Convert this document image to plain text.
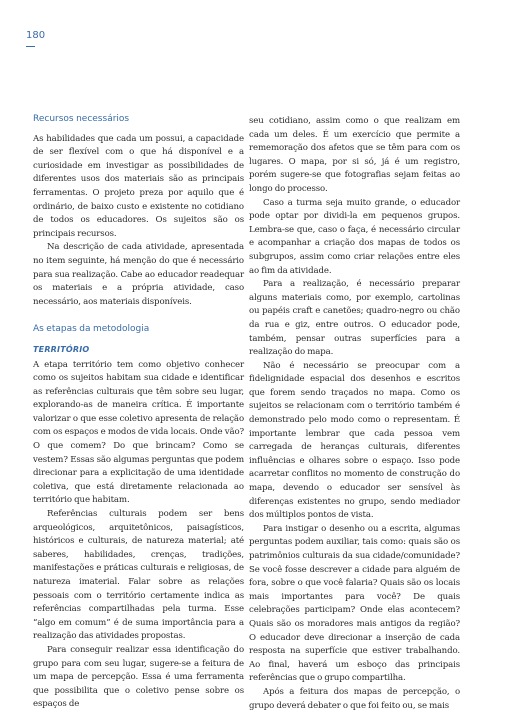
180
Recursos necessários

As habilidades que cada um possui, a capacidade de ser flexível com o que há disponível e a curiosidade em investigar as possibilidades de diferentes usos dos materiais são as principais ferramentas. O projeto preza por aquilo que é ordinário, de baixo custo e existente no cotidiano de todos os educadores. Os sujeitos são os principais recursos.

Na descrição de cada atividade, apresentada no item seguinte, há menção do que é necessário para sua realização. Cabe ao educador readequar os materiais e a própria atividade, caso necessário, aos materiais disponíveis.

As etapas da metodologia
TERRITÓRIO

A etapa território tem como objetivo conhecer como os sujeitos habitam sua cidade e identificar as referências culturais que têm sobre seu lugar, explorando-as de maneira crítica. É importante valorizar o que esse coletivo apresenta de relação com os espaços e modos de vida locais. Onde vão? O que comem? Do que brincam? Como se vestem? Essas são algumas perguntas que podem direcionar para a explicitação de uma identidade coletiva, que está diretamente relacionada ao território que habitam.

Referências culturais podem ser bens arqueológicos, arquitetônicos, paisagísticos, históricos e culturais, de natureza material; até saberes, habilidades, crenças, tradições, manifestações e práticas culturais e religiosas, de natureza imaterial. Falar sobre as relações pessoais com o território certamente indica as referências compartilhadas pela turma. Esse “algo em comum” é de suma importância para a realização das atividades propostas.

Para conseguir realizar essa identificação do grupo para com seu lugar, sugere-se a feitura de um mapa de percepção. Essa é uma ferramenta que possibilita que o coletivo pense sobre os espaços de

seu cotidiano, assim como o que realizam em cada um deles. É um exercício que permite a rememoração dos afetos que se têm para com os lugares. O mapa, por si só, já é um registro, porém sugere-se que fotografias sejam feitas ao longo do processo.

Caso a turma seja muito grande, o educador pode optar por dividi-la em pequenos grupos. Lembra-se que, caso o faça, é necessário circular e acompanhar a criação dos mapas de todos os subgrupos, assim como criar relações entre eles ao fim da atividade.

Para a realização, é necessário preparar alguns materiais como, por exemplo, cartolinas ou papéis craft e canetões; quadro-negro ou chão da rua e giz, entre outros. O educador pode, também, pensar outras superfícies para a realização do mapa.

Não é necessário se preocupar com a fidelignidade espacial dos desenhos e escritos que forem sendo traçados no mapa. Como os sujeitos se relacionam com o território também é demonstrado pelo modo como o representam. É importante lembrar que cada pessoa vem carregada de heranças culturais, diferentes influências e olhares sobre o espaço. Isso pode acarretar conflitos no momento de construção do mapa, devendo o educador ser sensível às diferenças existentes no grupo, sendo mediador dos múltiplos pontos de vista.

Para instigar o desenho ou a escrita, algumas perguntas podem auxiliar, tais como: quais são os patrimônios culturais da sua cidade/comunidade? Se você fosse descrever a cidade para alguém de fora, sobre o que você falaria? Quais são os locais mais importantes para você? De quais celebrações participam? Onde elas acontecem? Quais são os moradores mais antigos da região? O educador deve direcionar a inserção de cada resposta na superfície que estiver trabalhando. Ao final, haverá um esboço das principais referências que o grupo compartilha.

Após a feitura dos mapas de percepção, o grupo deverá debater o que foi feito ou, se mais
